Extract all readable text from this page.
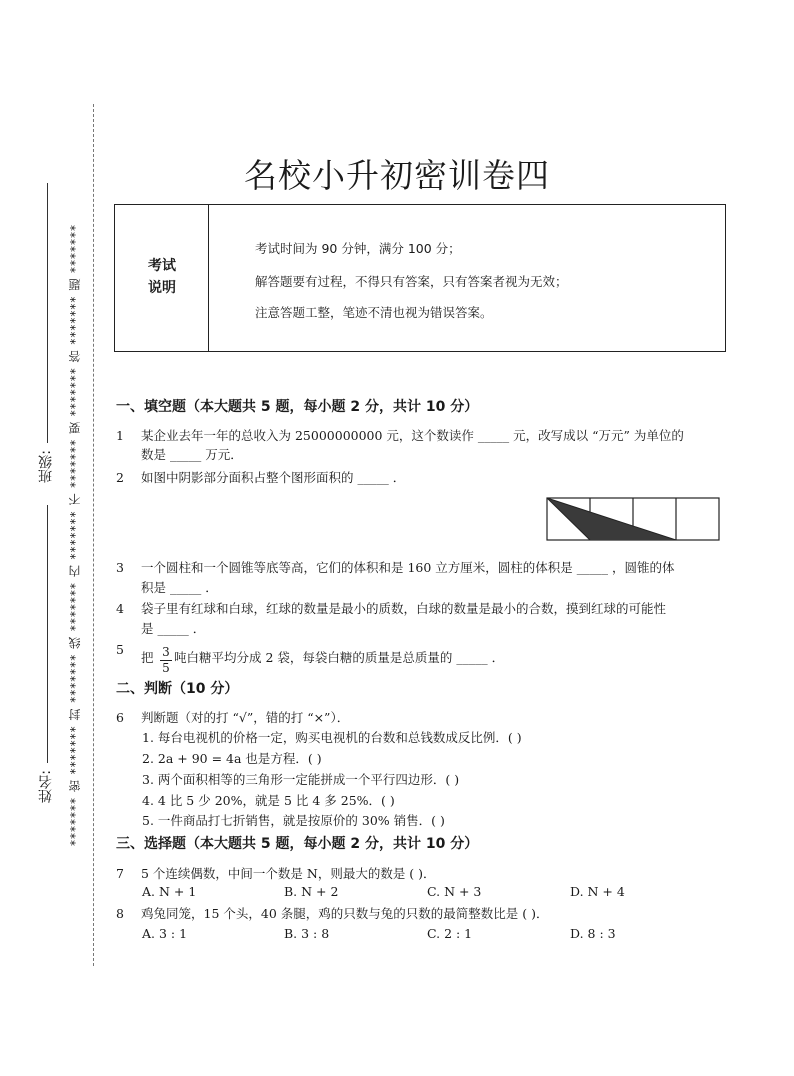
******* 密 ******* 封 ******* 线 ******* 内 ******* 不 ******* 要 ******* 答 ******* 题 *******
班级:
姓名:
名校小升初密训卷四
考试说明
考试时间为 90 分钟，满分 100 分；
解答题要有过程，不得只有答案，只有答案者视为无效；
注意答题工整，笔迹不清也视为错误答案。
一、填空题（本大题共 5 题，每小题 2 分，共计 10 分）
1 某企业去年一年的总收入为 25000000000 元，这个数读作 _____ 元，改写成以 “万元” 为单位的
数是 _____ 万元．
2 如图中阴影部分面积占整个图形面积的 _____ ．
3 一个圆柱和一个圆锥等底等高，它们的体积和是 160 立方厘米，圆柱的体积是 _____ ，圆锥的体
积是 _____ ．
4 袋子里有红球和白球，红球的数量是最小的质数，白球的数量是最小的合数，摸到红球的可能性
是 _____ ．
5
把 3
5
吨白糖平均分成 2 袋，每袋白糖的质量是总质量的 _____ ．
二、判断（10 分）
6 判断题（对的打 “√”，错的打 “×”）．
1. 每台电视机的价格一定，购买电视机的台数和总钱数成反比例．( )
2. 2a + 90 = 4a 也是方程．( )
3. 两个面积相等的三角形一定能拼成一个平行四边形．( )
4. 4 比 5 少 20%，就是 5 比 4 多 25%．( )
5. 一件商品打七折销售，就是按原价的 30% 销售．( )
三、选择题（本大题共 5 题，每小题 2 分，共计 10 分）
7 5 个连续偶数，中间一个数是 N，则最大的数是 ( )．
A. N + 1	B. N + 2	C. N + 3	D. N + 4
8 鸡兔同笼，15 个头，40 条腿，鸡的只数与兔的只数的最简整数比是 ( )．
A. 3 : 1	B. 3 : 8	C. 2 : 1	D. 8 : 3
